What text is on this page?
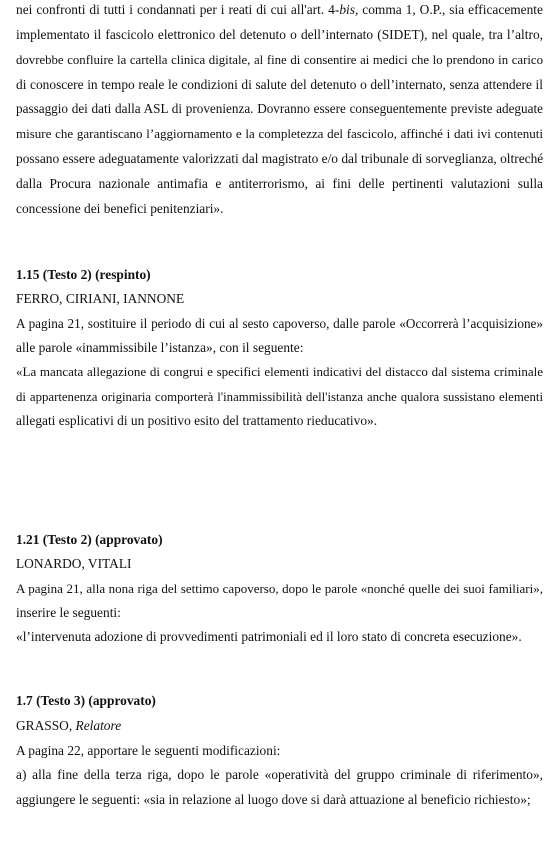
nei confronti di tutti i condannati per i reati di cui all'art. 4-bis, comma 1, O.P., sia efficacemente
implementato il fascicolo elettronico del detenuto o dell’internato (SIDET), nel quale, tra l’altro,
dovrebbe confluire la cartella clinica digitale, al fine di consentire ai medici che lo prendono in carico
di conoscere in tempo reale le condizioni di salute del detenuto o dell’internato, senza attendere il
passaggio dei dati dalla ASL di provenienza. Dovranno essere conseguentemente previste adeguate
misure che garantiscano l’aggiornamento e la completezza del fascicolo, affinché i dati ivi contenuti
possano essere adeguatamente valorizzati dal magistrato e/o dal tribunale di sorveglianza, oltreché
dalla Procura nazionale antimafia e antiterrorismo, ai fini delle pertinenti valutazioni sulla
concessione dei benefici penitenziari».
1.15 (Testo 2) (respinto)
FERRO, CIRIANI, IANNONE
A pagina 21, sostituire il periodo di cui al sesto capoverso, dalle parole «Occorrerà l’acquisizione»
alle parole «inammissibile l’istanza», con il seguente:
«La mancata allegazione di congrui e specifici elementi indicativi del distacco dal sistema criminale
di appartenenza originaria comporterà l'inammissibilità dell'istanza anche qualora sussistano elementi
allegati esplicativi di un positivo esito del trattamento rieducativo».
1.21 (Testo 2) (approvato)
LONARDO, VITALI
A pagina 21, alla nona riga del settimo capoverso, dopo le parole «nonché quelle dei suoi familiari»,
inserire le seguenti:
«l’intervenuta adozione di provvedimenti patrimoniali ed il loro stato di concreta esecuzione».
1.7 (Testo 3) (approvato)
GRASSO, Relatore
A pagina 22, apportare le seguenti modificazioni:
a) alla fine della terza riga, dopo le parole «operatività del gruppo criminale di riferimento»,
aggiungere le seguenti: «sia in relazione al luogo dove si darà attuazione al beneficio richiesto»;
